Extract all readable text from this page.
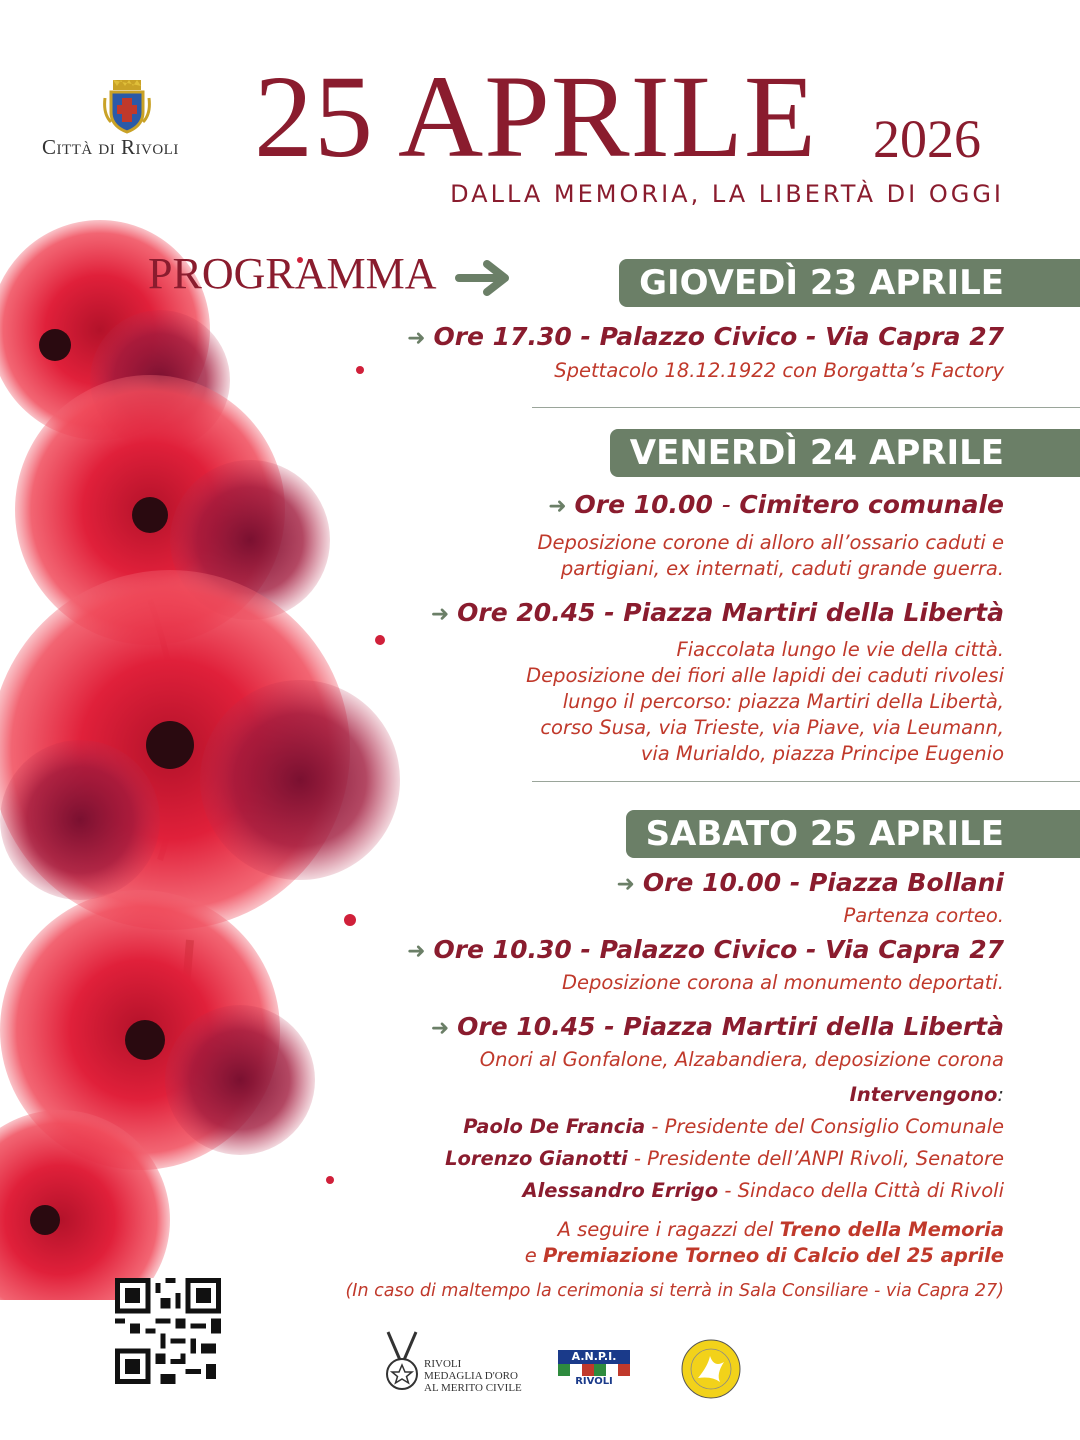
Città di Rivoli 25 APRILE 2026
DALLA MEMORIA, LA LIBERTÀ DI OGGI
PROGRAMMA	GIOVEDÌ 23 APRILE
➜ Ore 17.30 - Palazzo Civico - Via Capra 27
Spettacolo 18.12.1922 con Borgatta’s Factory
VENERDÌ 24 APRILE
➜ Ore 10.00 - Cimitero comunale
Deposizione corone di alloro all’ossario caduti e
partigiani, ex internati, caduti grande guerra.
➜ Ore 20.45 - Piazza Martiri della Libertà
Fiaccolata lungo le vie della città.
Deposizione dei fiori alle lapidi dei caduti rivolesi
lungo il percorso: piazza Martiri della Libertà,
corso Susa, via Trieste, via Piave, via Leumann,
via Murialdo, piazza Principe Eugenio
SABATO 25 APRILE
➜ Ore 10.00 - Piazza Bollani
Partenza corteo.
➜ Ore 10.30 - Palazzo Civico - Via Capra 27
Deposizione corona al monumento deportati.
➜ Ore 10.45 - Piazza Martiri della Libertà
Onori al Gonfalone, Alzabandiera, deposizione corona
Intervengono:
Paolo De Francia - Presidente del Consiglio Comunale
Lorenzo Gianotti - Presidente dell’ANPI Rivoli, Senatore
Alessandro Errigo - Sindaco della Città di Rivoli
A seguire i ragazzi del Treno della Memoria
e Premiazione Torneo di Calcio del 25 aprile
(In caso di maltempo la cerimonia si terrà in Sala Consiliare - via Capra 27)
RIVOLI
MEDAGLIA D'ORO
AL MERITO CIVILE
A.N.P.I.
RIVOLI
